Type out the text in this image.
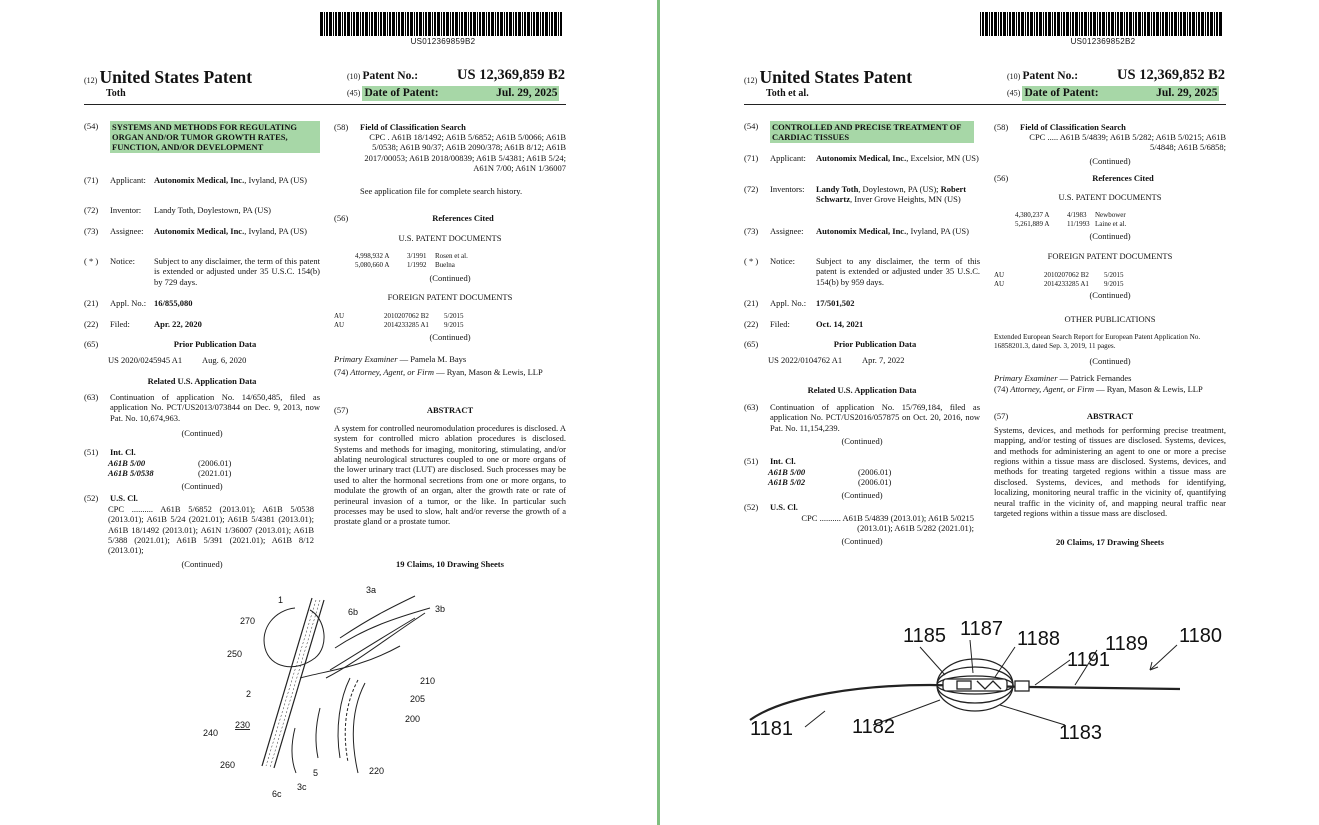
US012369859B2
(12) United States Patent
Toth
(10) Patent No.:	US 12,369,859 B2
(45) Date of Patent:	Jul. 29, 2025
(54)	SYSTEMS AND METHODS FOR REGULATING ORGAN AND/OR TUMOR GROWTH RATES, FUNCTION, AND/OR DEVELOPMENT
(71)	Applicant: Autonomix Medical, Inc., Ivyland, PA (US)
(72)	Inventor:	Landy Toth, Doylestown, PA (US)
(73)	Assignee:	Autonomix Medical, Inc., Ivyland, PA (US)
( * )	Notice:	Subject to any disclaimer, the term of this patent is extended or adjusted under 35 U.S.C. 154(b) by 729 days.
(21)	Appl. No.: 16/855,080
(22)	Filed:	Apr. 22, 2020
(65)	Prior Publication Data
US 2020/0245945 A1	Aug. 6, 2020
Related U.S. Application Data
(63)	Continuation of application No. 14/650,485, filed as application No. PCT/US2013/073844 on Dec. 9, 2013, now Pat. No. 10,674,963.
(Continued)
(51)	Int. Cl.
A61B 5/00	(2006.01)
A61B 5/0538	(2021.01)
(Continued)
(52)	U.S. Cl.
CPC .......... A61B 5/6852 (2013.01); A61B 5/0538 (2013.01); A61B 5/24 (2021.01); A61B 5/4381 (2013.01); A61B 18/1492 (2013.01); A61N 1/36007 (2013.01); A61B 5/388 (2021.01); A61B 5/391 (2021.01); A61B 8/12 (2013.01);
(Continued)
(58)	Field of Classification Search
CPC . A61B 18/1492; A61B 5/6852; A61B 5/0066; A61B 5/0538; A61B 90/37; A61B 2090/378; A61B 8/12; A61B 2017/00053; A61B 2018/00839; A61B 5/4381; A61B 5/24; A61N 7/00; A61N 1/36007
See application file for complete search history.
(56)	References Cited
U.S. PATENT DOCUMENTS
4,998,932 A	3/1991	Rosen et al.
5,080,660 A	1/1992	Buelna
(Continued)
FOREIGN PATENT DOCUMENTS
AU	2010207062 B2	5/2015
AU	2014233285 A1	9/2015
(Continued)
Primary Examiner — Pamela M. Bays
(74) Attorney, Agent, or Firm — Ryan, Mason & Lewis, LLP
(57)	ABSTRACT
A system for controlled neuromodulation procedures is disclosed. A system for controlled micro ablation procedures is disclosed. Systems and methods for imaging, monitoring, stimulating, and/or ablating neurological structures coupled to one or more organs of the lower urinary tract (LUT) are disclosed. Such processes may be used to alter the hormonal secretions from one or more organs, to modulate the growth of an organ, alter the growth rate or rate of perineural invasion of a tumor, or the like. In particular such processes may be used to slow, halt and/or reverse the growth of a prostate gland or a prostate tumor.
19 Claims, 10 Drawing Sheets
1
270
250
2
230
240
260
6c
3c
5	220
200
205
210
3a
3b
6b
US012369852B2
(12) United States Patent
Toth et al.
(10) Patent No.:	US 12,369,852 B2
(45) Date of Patent:	Jul. 29, 2025
(54)	CONTROLLED AND PRECISE TREATMENT OF CARDIAC TISSUES
(71)	Applicant:	Autonomix Medical, Inc., Excelsior, MN (US)
(72)	Inventors:	Landy Toth, Doylestown, PA (US); Robert Schwartz, Inver Grove Heights, MN (US)
(73)	Assignee:	Autonomix Medical, Inc., Ivyland, PA (US)
( * )	Notice:	Subject to any disclaimer, the term of this patent is extended or adjusted under 35 U.S.C. 154(b) by 959 days.
(21)	Appl. No.:	17/501,502
(22)	Filed:	Oct. 14, 2021
(65)	Prior Publication Data
US 2022/0104762 A1	Apr. 7, 2022
Related U.S. Application Data
(63)	Continuation of application No. 15/769,184, filed as application No. PCT/US2016/057875 on Oct. 20, 2016, now Pat. No. 11,154,239.
(Continued)
(51)	Int. Cl.
A61B 5/00	(2006.01)
A61B 5/02	(2006.01)
(Continued)
(52)	U.S. Cl.
CPC .......... A61B 5/4839 (2013.01); A61B 5/0215 (2013.01); A61B 5/282 (2021.01);
(Continued)
(58)	Field of Classification Search
CPC ..... A61B 5/4839; A61B 5/282; A61B 5/0215; A61B 5/4848; A61B 5/6858;
(Continued)
(56)	References Cited
U.S. PATENT DOCUMENTS
4,380,237 A	4/1983	Newbower
5,261,889 A	11/1993 Laine et al.
(Continued)
FOREIGN PATENT DOCUMENTS
AU	2010207062 B2	5/2015
AU	2014233285 A1	9/2015
(Continued)
OTHER PUBLICATIONS
Extended European Search Report for European Patent Application No. 16858201.3, dated Sep. 3, 2019, 11 pages.
(Continued)
Primary Examiner — Patrick Fernandes
(74) Attorney, Agent, or Firm — Ryan, Mason & Lewis, LLP
(57)	ABSTRACT
Systems, devices, and methods for performing precise treatment, mapping, and/or testing of tissues are disclosed. Systems, devices, and methods for administering an agent to one or more a precise regions within a tissue mass are disclosed. Systems, devices, and methods for treating targeted regions within a tissue mass are disclosed. Systems, devices, and methods for identifying, localizing, monitoring neural traffic in the vicinity of, quantifying neural traffic in the vicinity of, and mapping neural traffic near targeted regions within a tissue mass are disclosed.
20 Claims, 17 Drawing Sheets
1185 1187 1188 1189 1180
1191
1181	1182	1183
